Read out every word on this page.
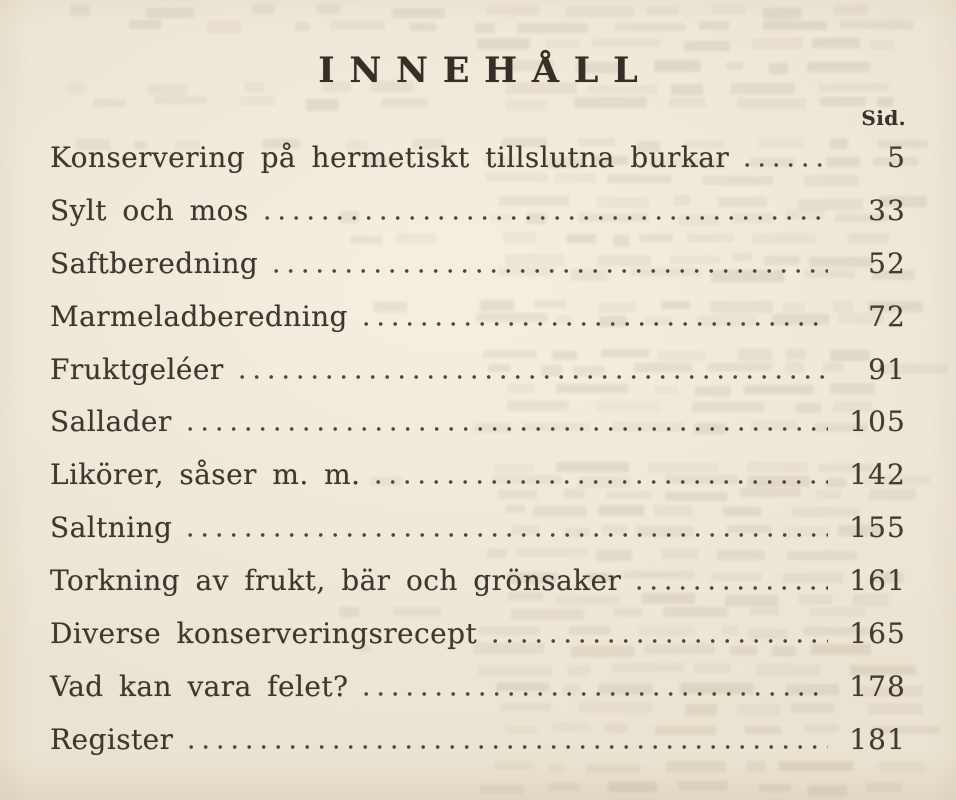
INNEHÅLL
Sid.
Konservering på hermetiskt tillslutna burkar	5
Sylt och mos	33
Saftberedning	52
Marmeladberedning	72
Fruktgeléer	91
Sallader	105
Likörer, såser m. m.	142
Saltning	155
Torkning av frukt, bär och grönsaker	161
Diverse konserveringsrecept	165
Vad kan vara felet?	178
Register	181
